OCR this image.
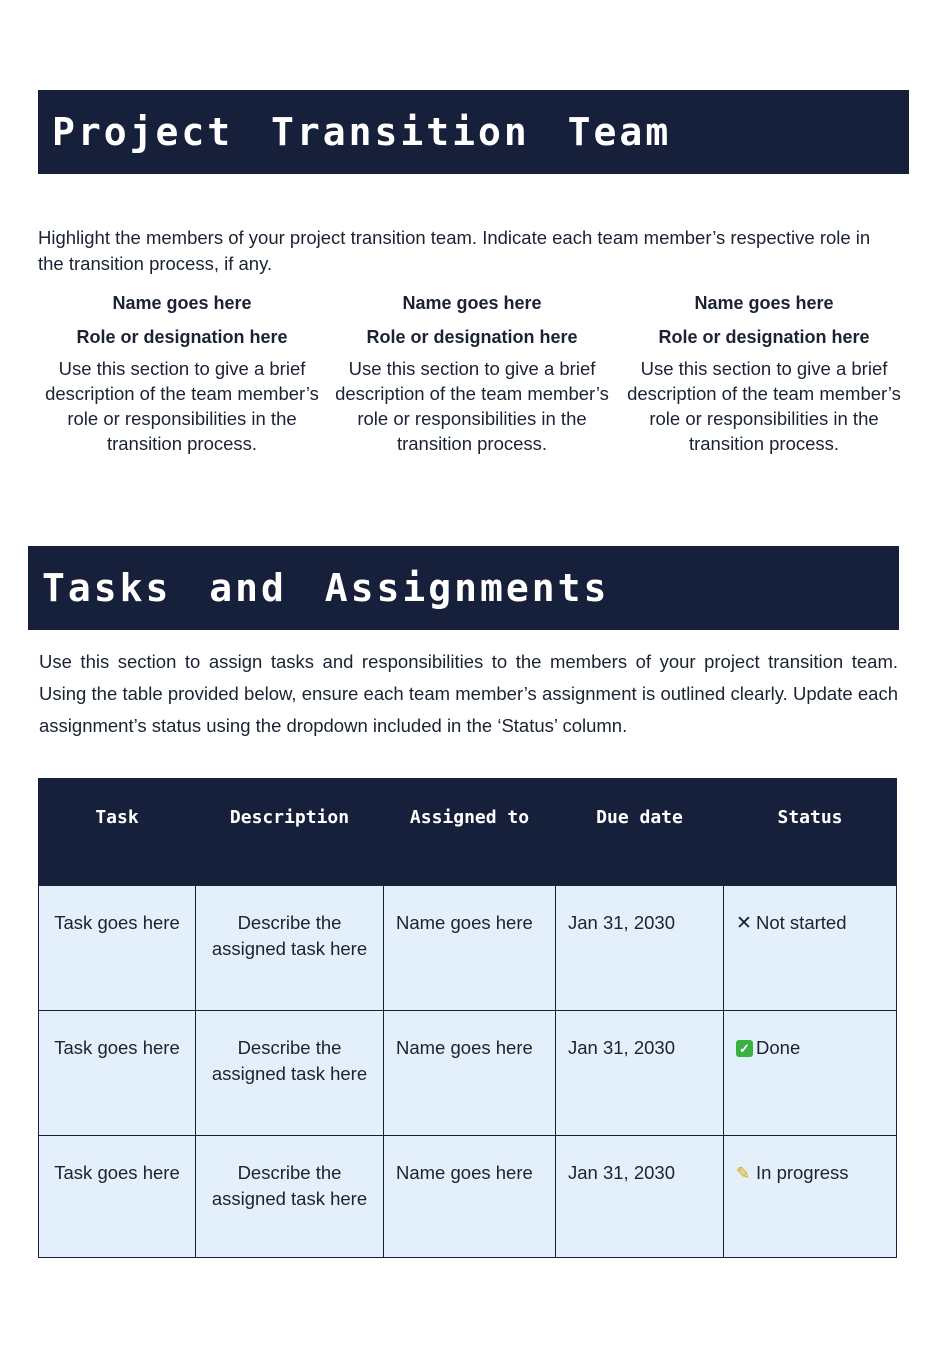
Project Transition Team

Highlight the members of your project transition team. Indicate each team member’s respective role in the transition process, if any.

Name goes here
Role or designation here
Use this section to give a brief description of the team member’s role or responsibilities in the transition process.
Name goes here
Role or designation here
Use this section to give a brief description of the team member’s role or responsibilities in the transition process.
Name goes here
Role or designation here
Use this section to give a brief description of the team member’s role or responsibilities in the transition process.
Tasks and Assignments

Use this section to assign tasks and responsibilities to the members of your project transition team. Using the table provided below, ensure each team member’s assignment is outlined clearly. Update each assignment’s status using the dropdown included in the ‘Status’ column.

Task	Description	Assigned to	Due date	Status
Task goes here	Describe the assigned task here	Name goes here	Jan 31, 2030	✕ Not started
Task goes here	Describe the assigned task here	Name goes here	Jan 31, 2030	✓ Done
Task goes here	Describe the assigned task here	Name goes here	Jan 31, 2030	✎ In progress
